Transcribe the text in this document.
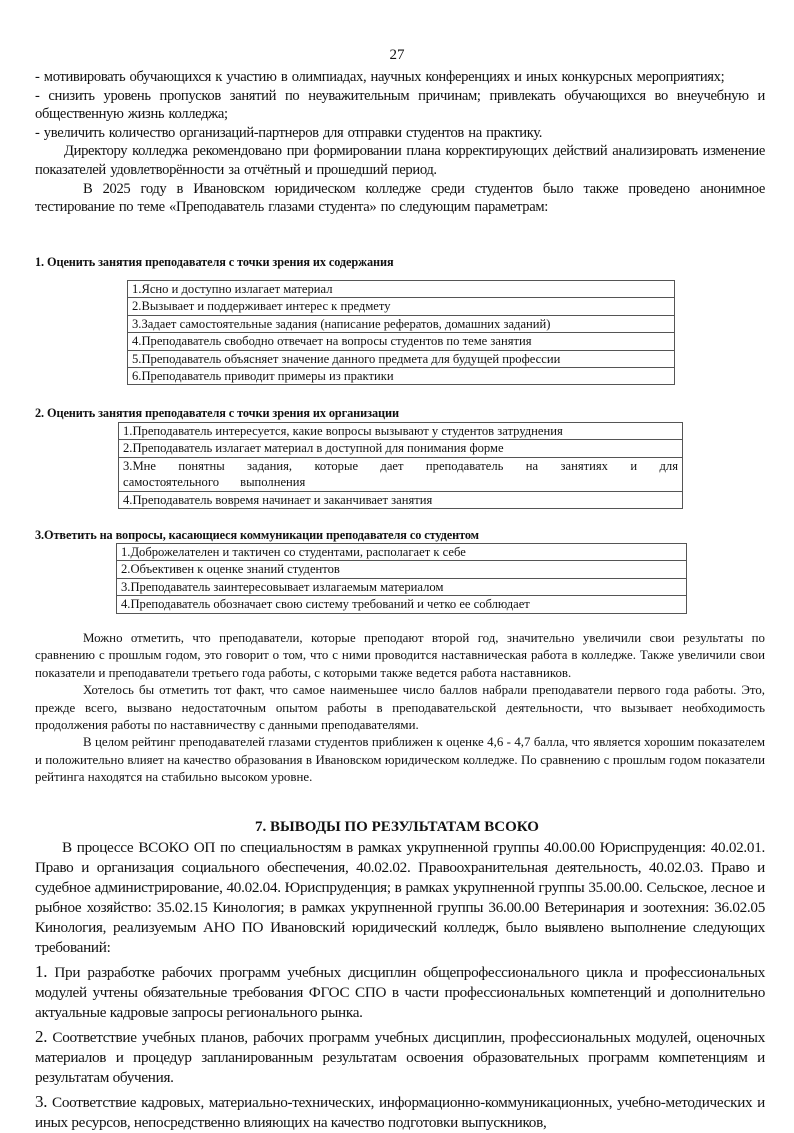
27

- мотивировать обучающихся к участию в олимпиадах, научных конференциях и иных конкурсных мероприятиях;

- снизить уровень пропусков занятий по неуважительным причинам; привлекать обучающихся во внеучебную и общественную жизнь колледжа;

- увеличить количество организаций-партнеров для отправки студентов на практику.

Директору колледжа рекомендовано при формировании плана корректирующих действий анализировать изменение показателей удовлетворённости за отчётный и прошедший период.

В 2025 году в Ивановском юридическом колледже среди студентов было также проведено анонимное тестирование по теме «Преподаватель глазами студента» по следующим параметрам:

1. Оценить занятия преподавателя с точки зрения их содержания
1.Ясно и доступно излагает материал
2.Вызывает и поддерживает интерес к предмету
3.Задает самостоятельные задания (написание рефератов, домашних заданий)
4.Преподаватель свободно отвечает на вопросы студентов по теме занятия
5.Преподаватель объясняет значение данного предмета для будущей профессии
6.Преподаватель приводит примеры из практики
2. Оценить занятия преподавателя с точки зрения их организации
1.Преподаватель интересуется, какие вопросы вызывают у студентов затруднения
2.Преподаватель излагает материал в доступной для понимания форме
3.Мне понятны задания, которые дает преподаватель на занятиях и для самостоятельного выполнения
4.Преподаватель вовремя начинает и заканчивает занятия
3.Ответить на вопросы, касающиеся коммуникации преподавателя со студентом
1.Доброжелателен и тактичен со студентами, располагает к себе
2.Объективен к оценке знаний студентов
3.Преподаватель заинтересовывает излагаемым материалом
4.Преподаватель обозначает свою систему требований и четко ее соблюдает

Можно отметить, что преподаватели, которые преподают второй год, значительно увеличили свои результаты по сравнению с прошлым годом, это говорит о том, что с ними проводится наставническая работа в колледже. Также увеличили свои показатели и преподаватели третьего года работы, с которыми также ведется работа наставников.

Хотелось бы отметить тот факт, что самое наименьшее число баллов набрали преподаватели первого года работы. Это, прежде всего, вызвано недостаточным опытом работы в преподавательской деятельности, что вызывает необходимость продолжения работы по наставничеству с данными преподавателями.

В целом рейтинг преподавателей глазами студентов приближен к оценке 4,6 - 4,7 балла, что является хорошим показателем и положительно влияет на качество образования в Ивановском юридическом колледже. По сравнению с прошлым годом показатели рейтинга находятся на стабильно высоком уровне.

7. ВЫВОДЫ ПО РЕЗУЛЬТАТАМ ВСОКО

В процессе ВСОКО ОП по специальностям в рамках укрупненной группы 40.00.00 Юриспруденция: 40.02.01. Право и организация социального обеспечения, 40.02.02. Правоохранительная деятельность, 40.02.03. Право и судебное администрирование, 40.02.04. Юриспруденция; в рамках укрупненной группы 35.00.00. Сельское, лесное и рыбное хозяйство: 35.02.15 Кинология; в рамках укрупненной группы 36.00.00 Ветеринария и зоотехния: 36.02.05 Кинология, реализуемым АНО ПО Ивановский юридический колледж, было выявлено выполнение следующих требований:

1. При разработке рабочих программ учебных дисциплин общепрофессионального цикла и профессиональных модулей учтены обязательные требования ФГОС СПО в части профессиональных компетенций и дополнительно актуальные кадровые запросы регионального рынка.

2. Соответствие учебных планов, рабочих программ учебных дисциплин, профессиональных модулей, оценочных материалов и процедур запланированным результатам освоения образовательных программ компетенциям и результатам обучения.

3. Соответствие кадровых, материально-технических, информационно-коммуникационных, учебно-методических и иных ресурсов, непосредственно влияющих на качество подготовки выпускников,
